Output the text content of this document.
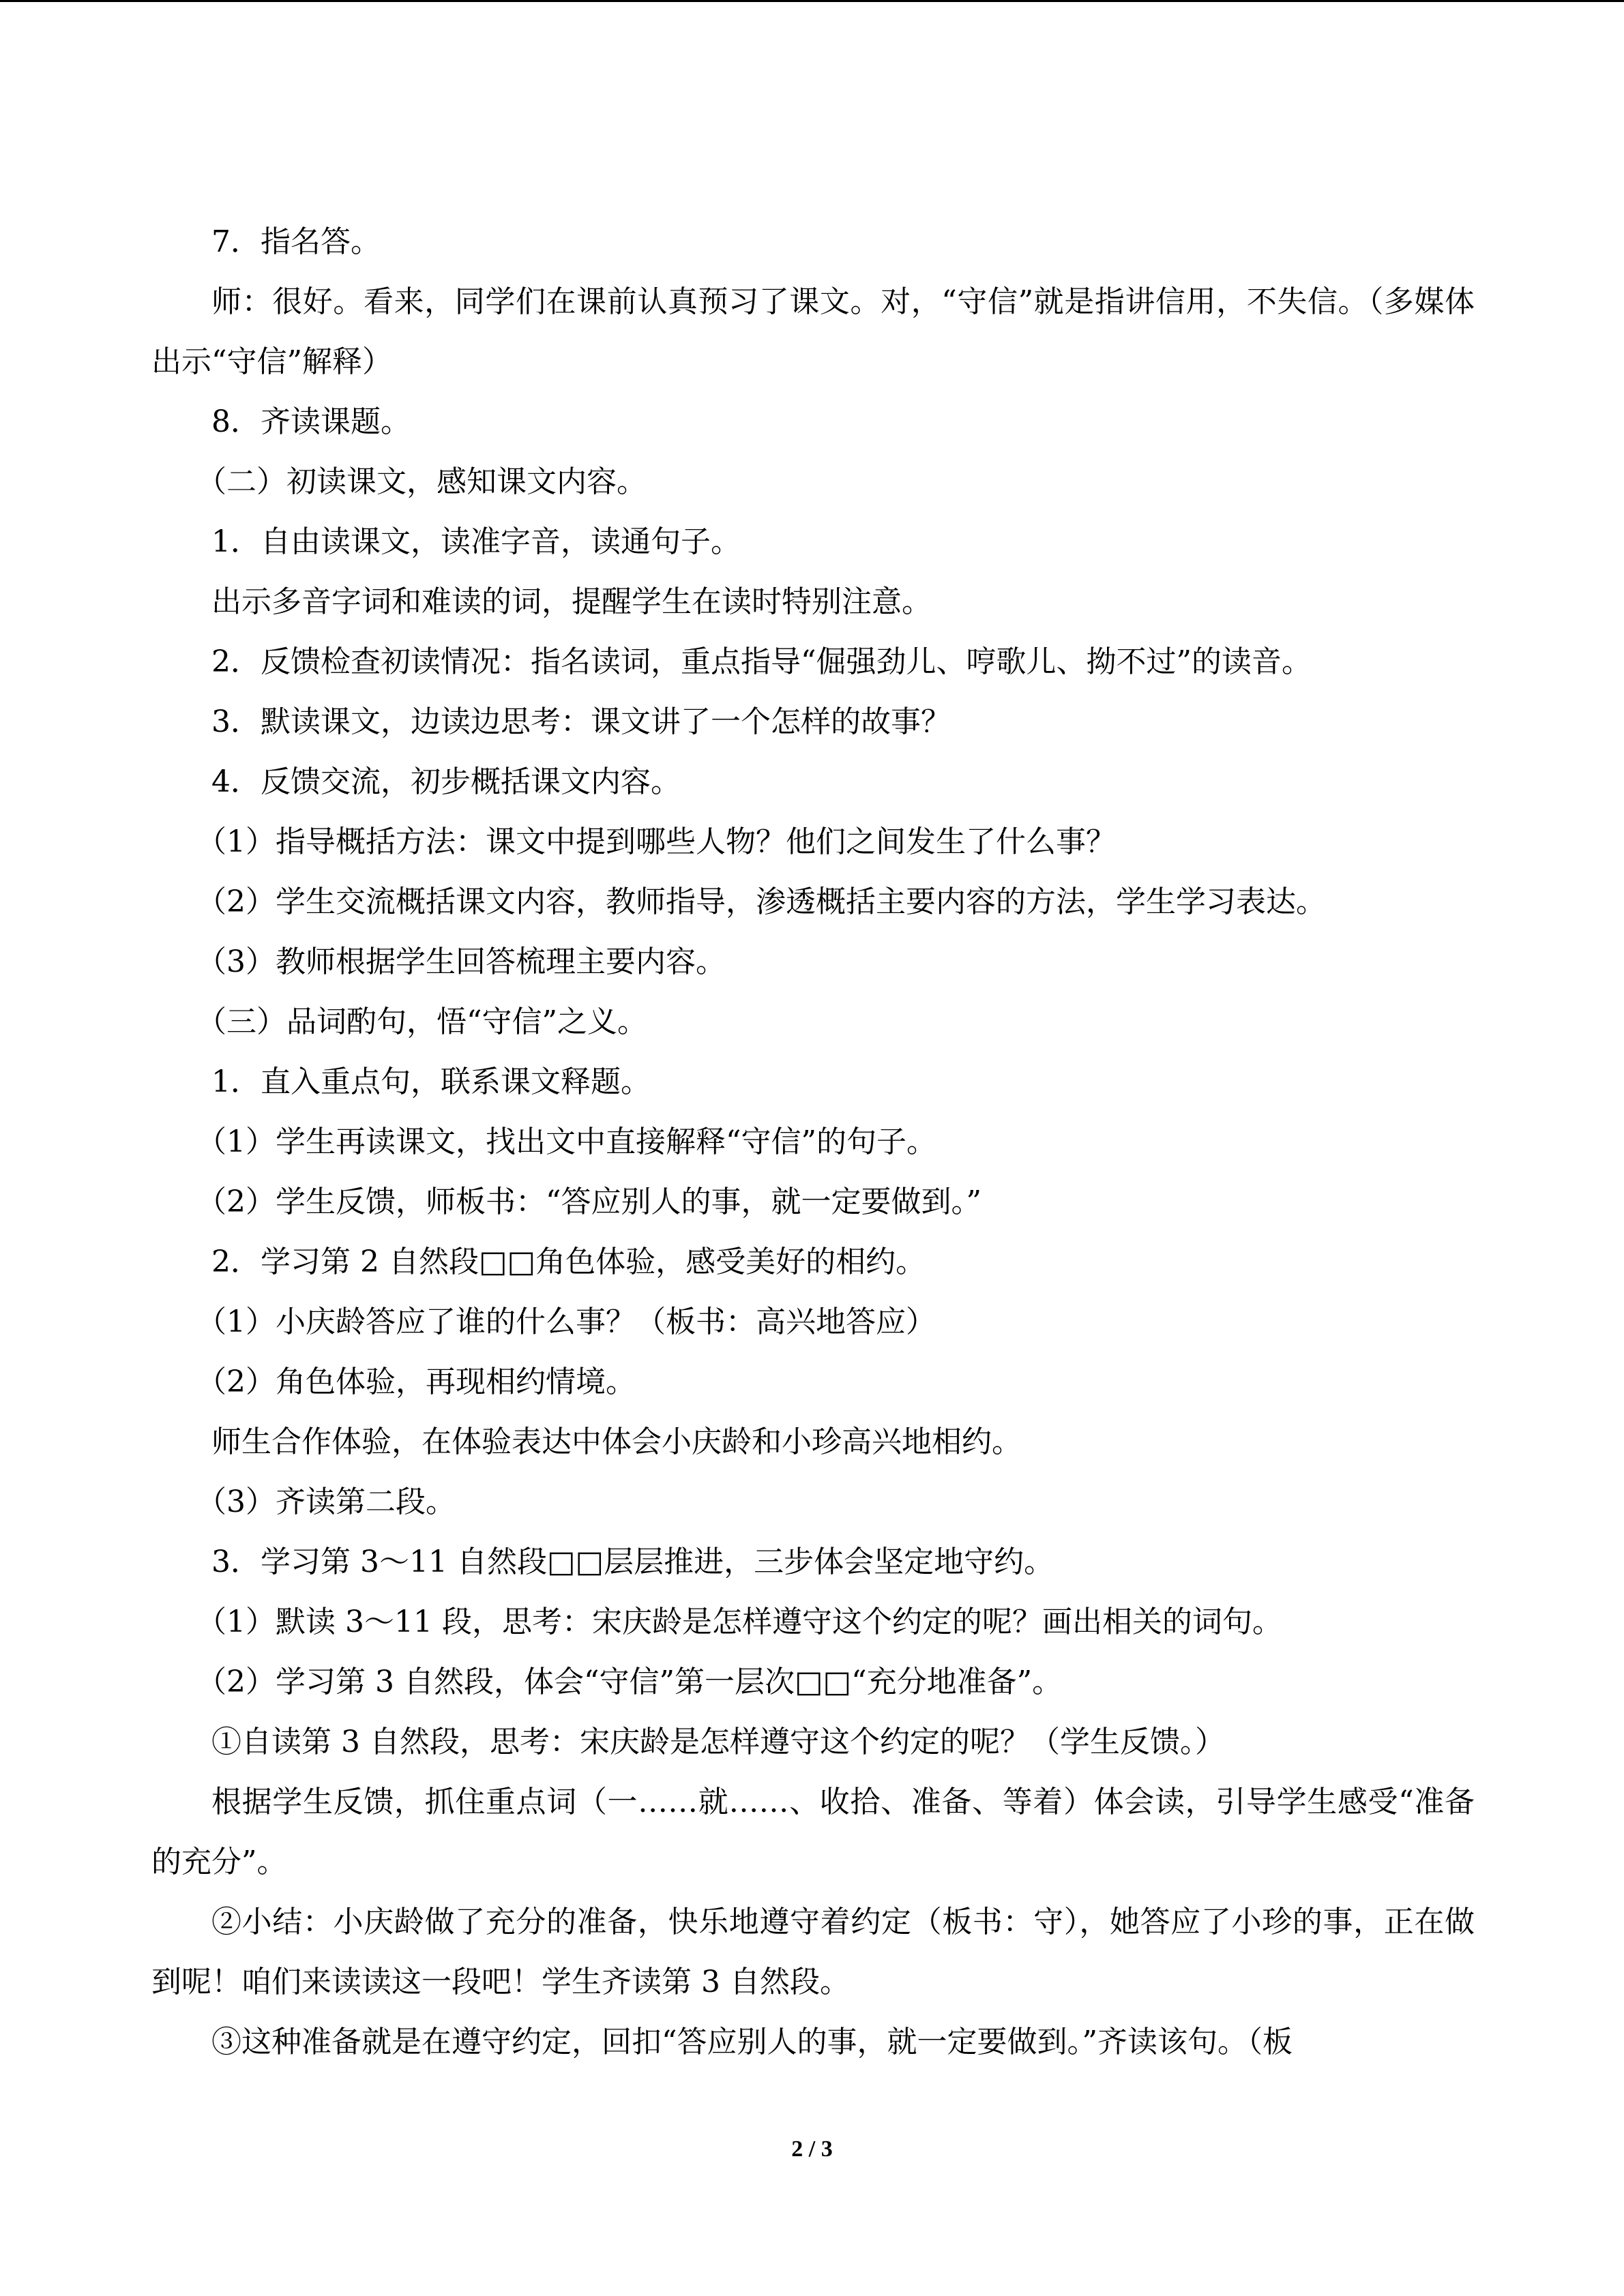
7．指名答。

师：很好。看来，同学们在课前认真预习了课文。对，“守信”就是指讲信用，不失信。（多媒体出示“守信”解释）

8．齐读课题。

（二）初读课文，感知课文内容。

1．自由读课文，读准字音，读通句子。

出示多音字词和难读的词，提醒学生在读时特别注意。

2．反馈检查初读情况：指名读词，重点指导“倔强劲儿、哼歌儿、拗不过”的读音。

3．默读课文，边读边思考：课文讲了一个怎样的故事？

4．反馈交流，初步概括课文内容。

（1）指导概括方法：课文中提到哪些人物？他们之间发生了什么事？

（2）学生交流概括课文内容，教师指导，渗透概括主要内容的方法，学生学习表达。

（3）教师根据学生回答梳理主要内容。

（三）品词酌句，悟“守信”之义。

1．直入重点句，联系课文释题。

（1）学生再读课文，找出文中直接解释“守信”的句子。

（2）学生反馈，师板书：“答应别人的事，就一定要做到。”

2．学习第 2 自然段□□角色体验，感受美好的相约。

（1）小庆龄答应了谁的什么事？（板书：高兴地答应）

（2）角色体验，再现相约情境。

师生合作体验，在体验表达中体会小庆龄和小珍高兴地相约。

（3）齐读第二段。

3．学习第 3～11 自然段□□层层推进，三步体会坚定地守约。

（1）默读 3～11 段，思考：宋庆龄是怎样遵守这个约定的呢？画出相关的词句。

（2）学习第 3 自然段，体会“守信”第一层次□□“充分地准备”。

①自读第 3 自然段，思考：宋庆龄是怎样遵守这个约定的呢？（学生反馈。）

根据学生反馈，抓住重点词（一……就……、收拾、准备、等着）体会读，引导学生感受“准备的充分”。

②小结：小庆龄做了充分的准备，快乐地遵守着约定（板书：守），她答应了小珍的事，正在做到呢！咱们来读读这一段吧！学生齐读第 3 自然段。

③这种准备就是在遵守约定，回扣“答应别人的事，就一定要做到。”齐读该句。（板

2 / 3
